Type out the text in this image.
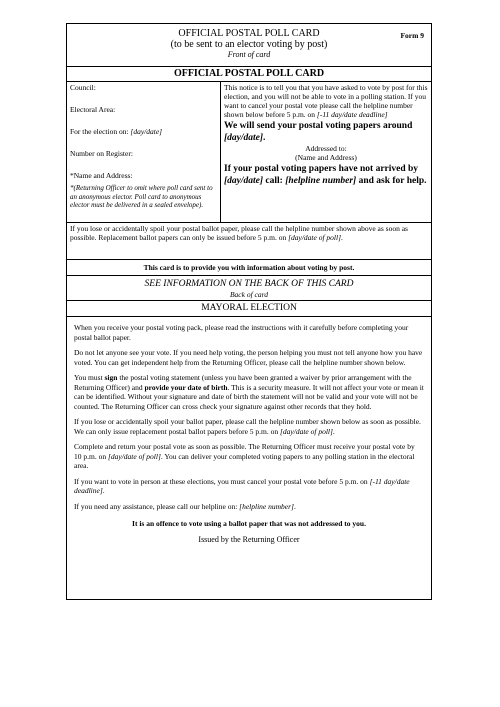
Form 9
OFFICIAL POSTAL POLL CARD
(to be sent to an elector voting by post)
Front of card
OFFICIAL POSTAL POLL CARD
Council:
Electoral Area:
For the election on: [day/date]
Number on Register:
*Name and Address:
*(Returning Officer to omit where poll card sent to an anonymous elector. Poll card to anonymous elector must be delivered in a sealed envelope).
This notice is to tell you that you have asked to vote by post for this election, and you will not be able to vote in a polling station. If you want to cancel your postal vote please call the helpline number shown below before 5 p.m. on [-11 day/date deadline]
We will send your postal voting papers around [day/date].
Addressed to:
(Name and Address)
If your postal voting papers have not arrived by [day/date] call: [helpline number] and ask for help.
If you lose or accidentally spoil your postal ballot paper, please call the helpline number shown above as soon as possible. Replacement ballot papers can only be issued before 5 p.m. on [day/date of poll].
This card is to provide you with information about voting by post.
SEE INFORMATION ON THE BACK OF THIS CARD
Back of card
MAYORAL ELECTION

When you receive your postal voting pack, please read the instructions with it carefully before completing your postal ballot paper.

Do not let anyone see your vote. If you need help voting, the person helping you must not tell anyone how you have voted. You can get independent help from the Returning Officer, please call the helpline number shown below.

You must sign the postal voting statement (unless you have been granted a waiver by prior arrangement with the Returning Officer) and provide your date of birth. This is a security measure. It will not affect your vote or mean it can be identified. Without your signature and date of birth the statement will not be valid and your vote will not be counted. The Returning Officer can cross check your signature against other records that they hold.

If you lose or accidentally spoil your ballot paper, please call the helpline number shown below as soon as possible. We can only issue replacement postal ballot papers before 5 p.m. on [day/date of poll].

Complete and return your postal vote as soon as possible. The Returning Officer must receive your postal vote by 10 p.m. on [day/date of poll]. You can deliver your completed voting papers to any polling station in the electoral area.

If you want to vote in person at these elections, you must cancel your postal vote before 5 p.m. on [-11 day/date deadline].

If you need any assistance, please call our helpline on: [helpline number].

It is an offence to vote using a ballot paper that was not addressed to you.

Issued by the Returning Officer
